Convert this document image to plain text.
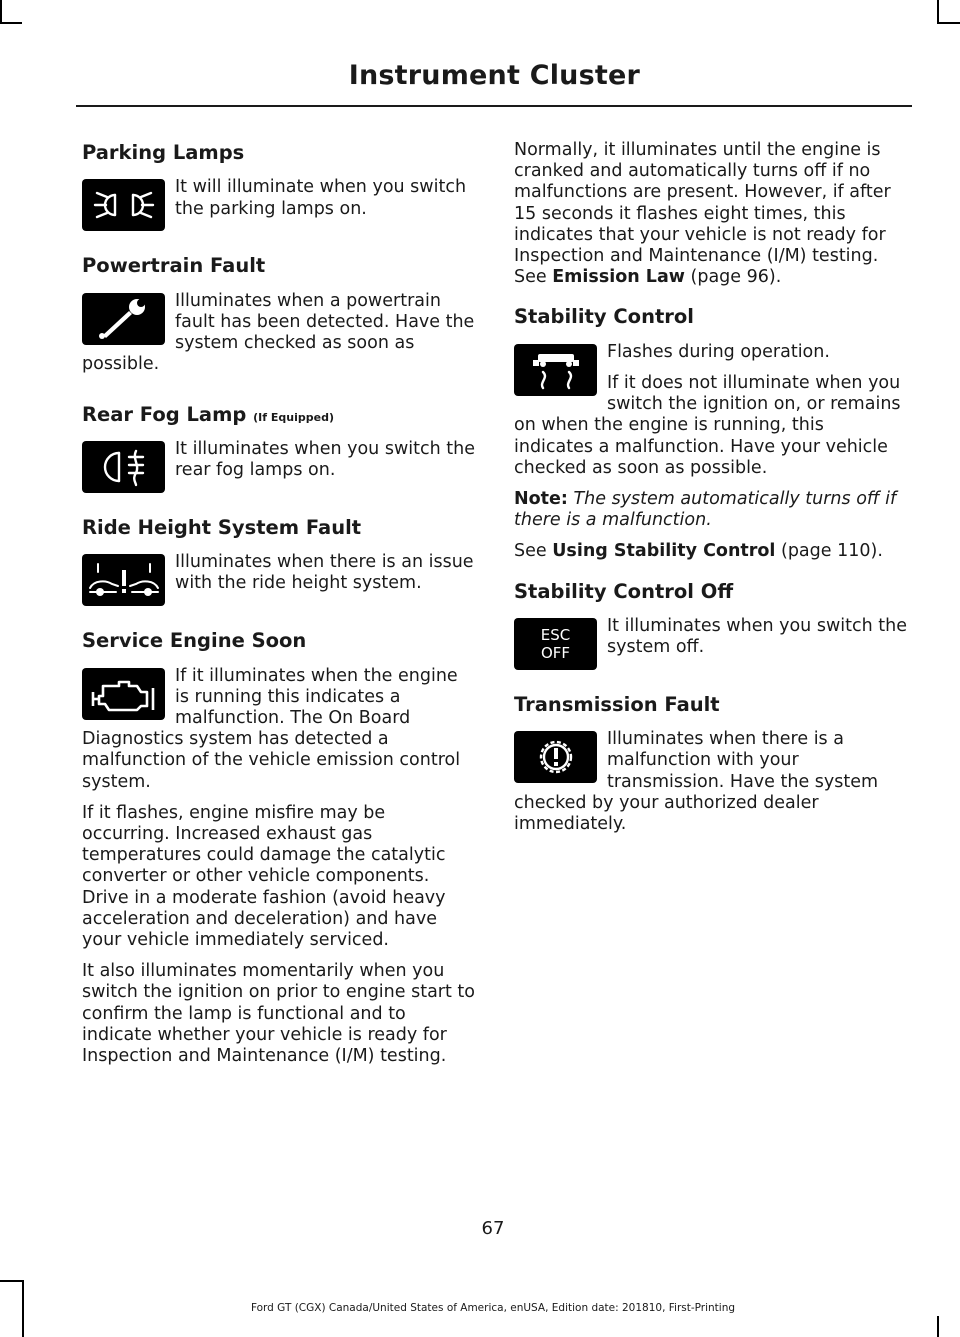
Instrument Cluster
Parking Lamps

It will illuminate when you switch the parking lamps on.

Powertrain Fault

Illuminates when a powertrain fault has been detected. Have the system checked as soon as possible.

Rear Fog Lamp (If Equipped)

It illuminates when you switch the rear fog lamps on.

Ride Height System Fault

Illuminates when there is an issue with the ride height system.

Service Engine Soon

If it illuminates when the engine is running this indicates a malfunction. The On Board Diagnostics system has detected a malfunction of the vehicle emission control system.

If it flashes, engine misfire may be occurring. Increased exhaust gas temperatures could damage the catalytic converter or other vehicle components. Drive in a moderate fashion (avoid heavy acceleration and deceleration) and have your vehicle immediately serviced.

It also illuminates momentarily when you switch the ignition on prior to engine start to confirm the lamp is functional and to indicate whether your vehicle is ready for Inspection and Maintenance (I/M) testing.

Normally, it illuminates until the engine is cranked and automatically turns off if no malfunctions are present. However, if after 15 seconds it flashes eight times, this indicates that your vehicle is not ready for Inspection and Maintenance (I/M) testing. See Emission Law (page 96).

Stability Control

Flashes during operation.

If it does not illuminate when you switch the ignition on, or remains on when the engine is running, this indicates a malfunction. Have your vehicle checked as soon as possible.

Note: The system automatically turns off if there is a malfunction.

See Using Stability Control (page 110).

Stability Control Off
ESC
OFF

It illuminates when you switch the system off.

Transmission Fault

Illuminates when there is a malfunction with your transmission. Have the system checked by your authorized dealer immediately.

67
Ford GT (CGX) Canada/United States of America, enUSA, Edition date: 201810, First-Printing
